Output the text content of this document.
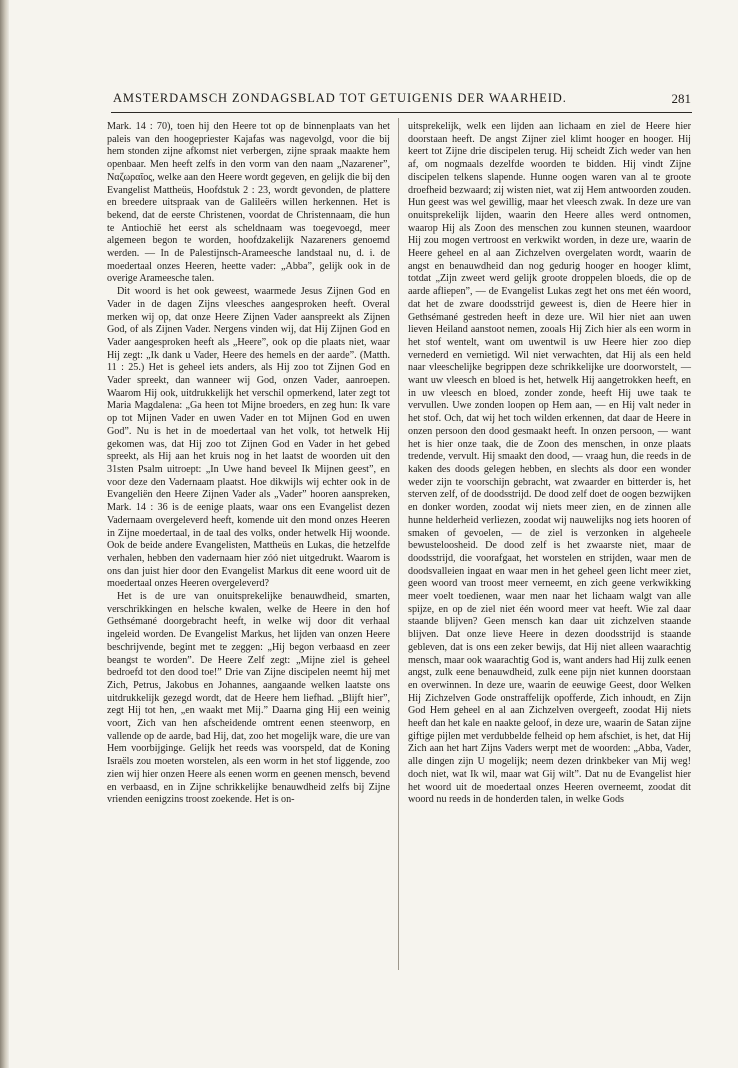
AMSTERDAMSCH ZONDAGSBLAD TOT GETUIGENIS DER WAARHEID.	281

Mark. 14 : 70), toen hij den Heere tot op de binnenplaats van het paleis van den hoogepriester Kajafas was nagevolgd, voor die bij hem stonden zijne afkomst niet verbergen, zijne spraak maakte hem openbaar. Men heeft zelfs in den vorm van den naam „Nazarener”, Ναζωραῖος, welke aan den Heere wordt gegeven, en gelijk die bij den Evangelist Mattheüs, Hoofdstuk 2 : 23, wordt gevonden, de plattere en breedere uitspraak van de Galileërs willen herkennen. Het is bekend, dat de eerste Christenen, voordat de Christennaam, die hun te Antiochië het eerst als scheldnaam was toegevoegd, meer algemeen begon te worden, hoofdzakelijk Nazareners genoemd werden. — In de Palestijnsch-Arameesche landstaal nu, d. i. de moedertaal onzes Heeren, heette vader: „Abba”, gelijk ook in de overige Arameesche talen.

Dit woord is het ook geweest, waarmede Jesus Zijnen God en Vader in de dagen Zijns vleesches aangesproken heeft. Overal merken wij op, dat onze Heere Zijnen Vader aanspreekt als Zijnen God, of als Zijnen Vader. Nergens vinden wij, dat Hij Zijnen God en Vader aangesproken heeft als „Heere”, ook op die plaats niet, waar Hij zegt: „Ik dank u Vader, Heere des hemels en der aarde”. (Matth. 11 : 25.) Het is geheel iets anders, als Hij zoo tot Zijnen God en Vader spreekt, dan wanneer wij God, onzen Vader, aanroepen. Waarom Hij ook, uitdrukkelijk het verschil opmerkend, later zegt tot Maria Magdalena: „Ga heen tot Mijne broeders, en zeg hun: Ik vare op tot Mijnen Vader en uwen Vader en tot Mijnen God en uwen God”. Nu is het in de moedertaal van het volk, tot hetwelk Hij gekomen was, dat Hij zoo tot Zijnen God en Vader in het gebed spreekt, als Hij aan het kruis nog in het laatst de woorden uit den 31sten Psalm uitroept: „In Uwe hand beveel Ik Mijnen geest”, en voor deze den Vadernaam plaatst. Hoe dikwijls wij echter ook in de Evangeliën den Heere Zijnen Vader als „Vader” hooren aanspreken, Mark. 14 : 36 is de eenige plaats, waar ons een Evangelist dezen Vadernaam overgeleverd heeft, komende uit den mond onzes Heeren in Zijne moedertaal, in de taal des volks, onder hetwelk Hij woonde. Ook de beide andere Evangelisten, Mattheüs en Lukas, die hetzelfde verhalen, hebben den vadernaam hier zóó niet uitgedrukt. Waarom is ons dan juist hier door den Evangelist Markus dit eene woord uit de moedertaal onzes Heeren overgeleverd?

Het is de ure van onuitsprekelijke benauwdheid, smarten, verschrikkingen en helsche kwalen, welke de Heere in den hof Gethsémané doorgebracht heeft, in welke wij door dit verhaal ingeleid worden. De Evangelist Markus, het lijden van onzen Heere beschrijvende, begint met te zeggen: „Hij begon verbaasd en zeer beangst te worden”. De Heere Zelf zegt: „Mijne ziel is geheel bedroefd tot den dood toe!” Drie van Zijne discipelen neemt hij met Zich, Petrus, Jakobus en Johannes, aangaande welken laatste ons uitdrukkelijk gezegd wordt, dat de Heere hem liefhad. „Blijft hier”, zegt Hij tot hen, „en waakt met Mij.” Daarna ging Hij een weinig voort, Zich van hen afscheidende omtrent eenen steenworp, en vallende op de aarde, bad Hij, dat, zoo het mogelijk ware, die ure van Hem voorbijginge. Gelijk het reeds was voorspeld, dat de Koning Israëls zou moeten worstelen, als een worm in het stof liggende, zoo zien wij hier onzen Heere als eenen worm en geenen mensch, bevend en verbaasd, en in Zijne schrikkelijke benauwdheid zelfs bij Zijne vrienden eenigzins troost zoekende. Het is on-

uitsprekelijk, welk een lijden aan lichaam en ziel de Heere hier doorstaan heeft. De angst Zijner ziel klimt hooger en hooger. Hij keert tot Zijne drie discipelen terug. Hij scheidt Zich weder van hen af, om nogmaals dezelfde woorden te bidden. Hij vindt Zijne discipelen telkens slapende. Hunne oogen waren van al te groote droefheid bezwaard; zij wisten niet, wat zij Hem antwoorden zouden. Hun geest was wel gewillig, maar het vleesch zwak. In deze ure van onuitsprekelijk lijden, waarin den Heere alles werd ontnomen, waarop Hij als Zoon des menschen zou kunnen steunen, waardoor Hij zou mogen vertroost en verkwikt worden, in deze ure, waarin de Heere geheel en al aan Zichzelven overgelaten wordt, waarin de angst en benauwdheid dan nog gedurig hooger en hooger klimt, totdat „Zijn zweet werd gelijk groote droppelen bloeds, die op de aarde afliepen”, — de Evangelist Lukas zegt het ons met één woord, dat het de zware doodsstrijd geweest is, dien de Heere hier in Gethsémané gestreden heeft in deze ure. Wil hier niet aan uwen lieven Heiland aanstoot nemen, zooals Hij Zich hier als een worm in het stof wentelt, want om uwentwil is uw Heere hier zoo diep vernederd en vernietigd. Wil niet verwachten, dat Hij als een held naar vleeschelijke begrippen deze schrikkelijke ure doorworstelt, — want uw vleesch en bloed is het, hetwelk Hij aangetrokken heeft, en in uw vleesch en bloed, zonder zonde, heeft Hij uwe taak te vervullen. Uwe zonden loopen op Hem aan, — en Hij valt neder in het stof. Och, dat wij het toch wilden erkennen, dat daar de Heere in onzen persoon den dood gesmaakt heeft. In onzen persoon, — want het is hier onze taak, die de Zoon des menschen, in onze plaats tredende, vervult. Hij smaakt den dood, — vraag hun, die reeds in de kaken des doods gelegen hebben, en slechts als door een wonder weder zijn te voorschijn gebracht, wat zwaarder en bitterder is, het sterven zelf, of de doodsstrijd. De dood zelf doet de oogen bezwijken en donker worden, zoodat wij niets meer zien, en de zinnen alle hunne helderheid verliezen, zoodat wij nauwelijks nog iets hooren of smaken of gevoelen, — de ziel is verzonken in algeheele bewusteloosheid. De dood zelf is het zwaarste niet, maar de doodsstrijd, die voorafgaat, het worstelen en strijden, waar men de doodsvalleien ingaat en waar men in het geheel geen licht meer ziet, geen woord van troost meer verneemt, en zich geene verkwikking meer voelt toedienen, waar men naar het lichaam walgt van alle spijze, en op de ziel niet één woord meer vat heeft. Wie zal daar staande blijven? Geen mensch kan daar uit zichzelven staande blijven. Dat onze lieve Heere in dezen doodsstrijd is staande gebleven, dat is ons een zeker bewijs, dat Hij niet alleen waarachtig mensch, maar ook waarachtig God is, want anders had Hij zulk eenen angst, zulk eene benauwdheid, zulk eene pijn niet kunnen doorstaan en overwinnen. In deze ure, waarin de eeuwige Geest, door Welken Hij Zichzelven Gode onstraffelijk opofferde, Zich inhoudt, en Zijn God Hem geheel en al aan Zichzelven overgeeft, zoodat Hij niets heeft dan het kale en naakte geloof, in deze ure, waarin de Satan zijne giftige pijlen met verdubbelde felheid op hem afschiet, is het, dat Hij Zich aan het hart Zijns Vaders werpt met de woorden: „Abba, Vader, alle dingen zijn U mogelijk; neem dezen drinkbeker van Mij weg! doch niet, wat Ik wil, maar wat Gij wilt”. Dat nu de Evangelist hier het woord uit de moedertaal onzes Heeren overneemt, zoodat dit woord nu reeds in de honderden talen, in welke Gods
